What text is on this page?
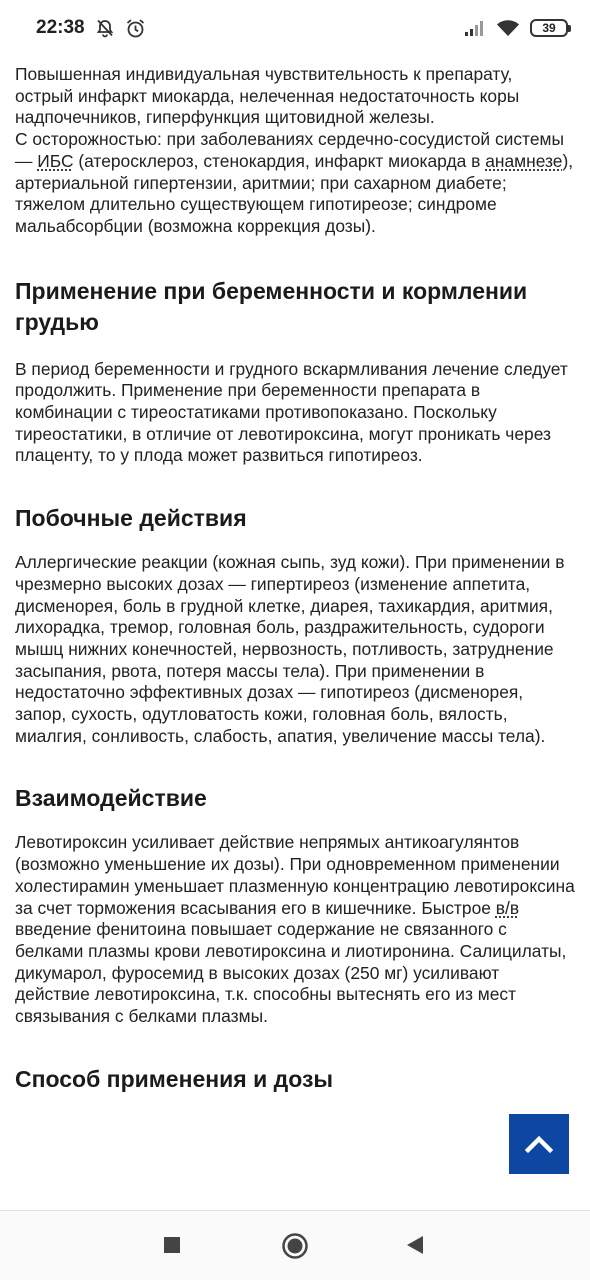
22:38	39

Повышенная индивидуальная чувствительность к препарату, острый инфаркт миокарда, нелеченная недостаточность коры надпочечников, гиперфункция щитовидной железы.
С осторожностью: при заболеваниях сердечно-сосудистой системы — ИБС (атеросклероз, стенокардия, инфаркт миокарда в анамнезе), артериальной гипертензии, аритмии; при сахарном диабете; тяжелом длительно существующем гипотиреозе; синдроме мальабсорбции (возможна коррекция дозы).

Применение при беременности и кормлении грудью

В период беременности и грудного вскармливания лечение следует продолжить. Применение при беременности препарата в комбинации с тиреостатиками противопоказано. Поскольку тиреостатики, в отличие от левотироксина, могут проникать через плаценту, то у плода может развиться гипотиреоз.

Побочные действия

Аллергические реакции (кожная сыпь, зуд кожи). При применении в чрезмерно высоких дозах — гипертиреоз (изменение аппетита, дисменорея, боль в грудной клетке, диарея, тахикардия, аритмия, лихорадка, тремор, головная боль, раздражительность, судороги мышц нижних конечностей, нервозность, потливость, затруднение засыпания, рвота, потеря массы тела). При применении в недостаточно эффективных дозах — гипотиреоз (дисменорея, запор, сухость, одутловатость кожи, головная боль, вялость, миалгия, сонливость, слабость, апатия, увеличение массы тела).

Взаимодействие

Левотироксин усиливает действие непрямых антикоагулянтов (возможно уменьшение их дозы). При одновременном применении холестирамин уменьшает плазменную концентрацию левотироксина за счет торможения всасывания его в кишечнике. Быстрое в/в введение фенитоина повышает содержание не связанного с белками плазмы крови левотироксина и лиотиронина. Салицилаты, дикумарол, фуросемид в высоких дозах (250 мг) усиливают действие левотироксина, т.к. способны вытеснять его из мест связывания с белками плазмы.

Способ применения и дозы
